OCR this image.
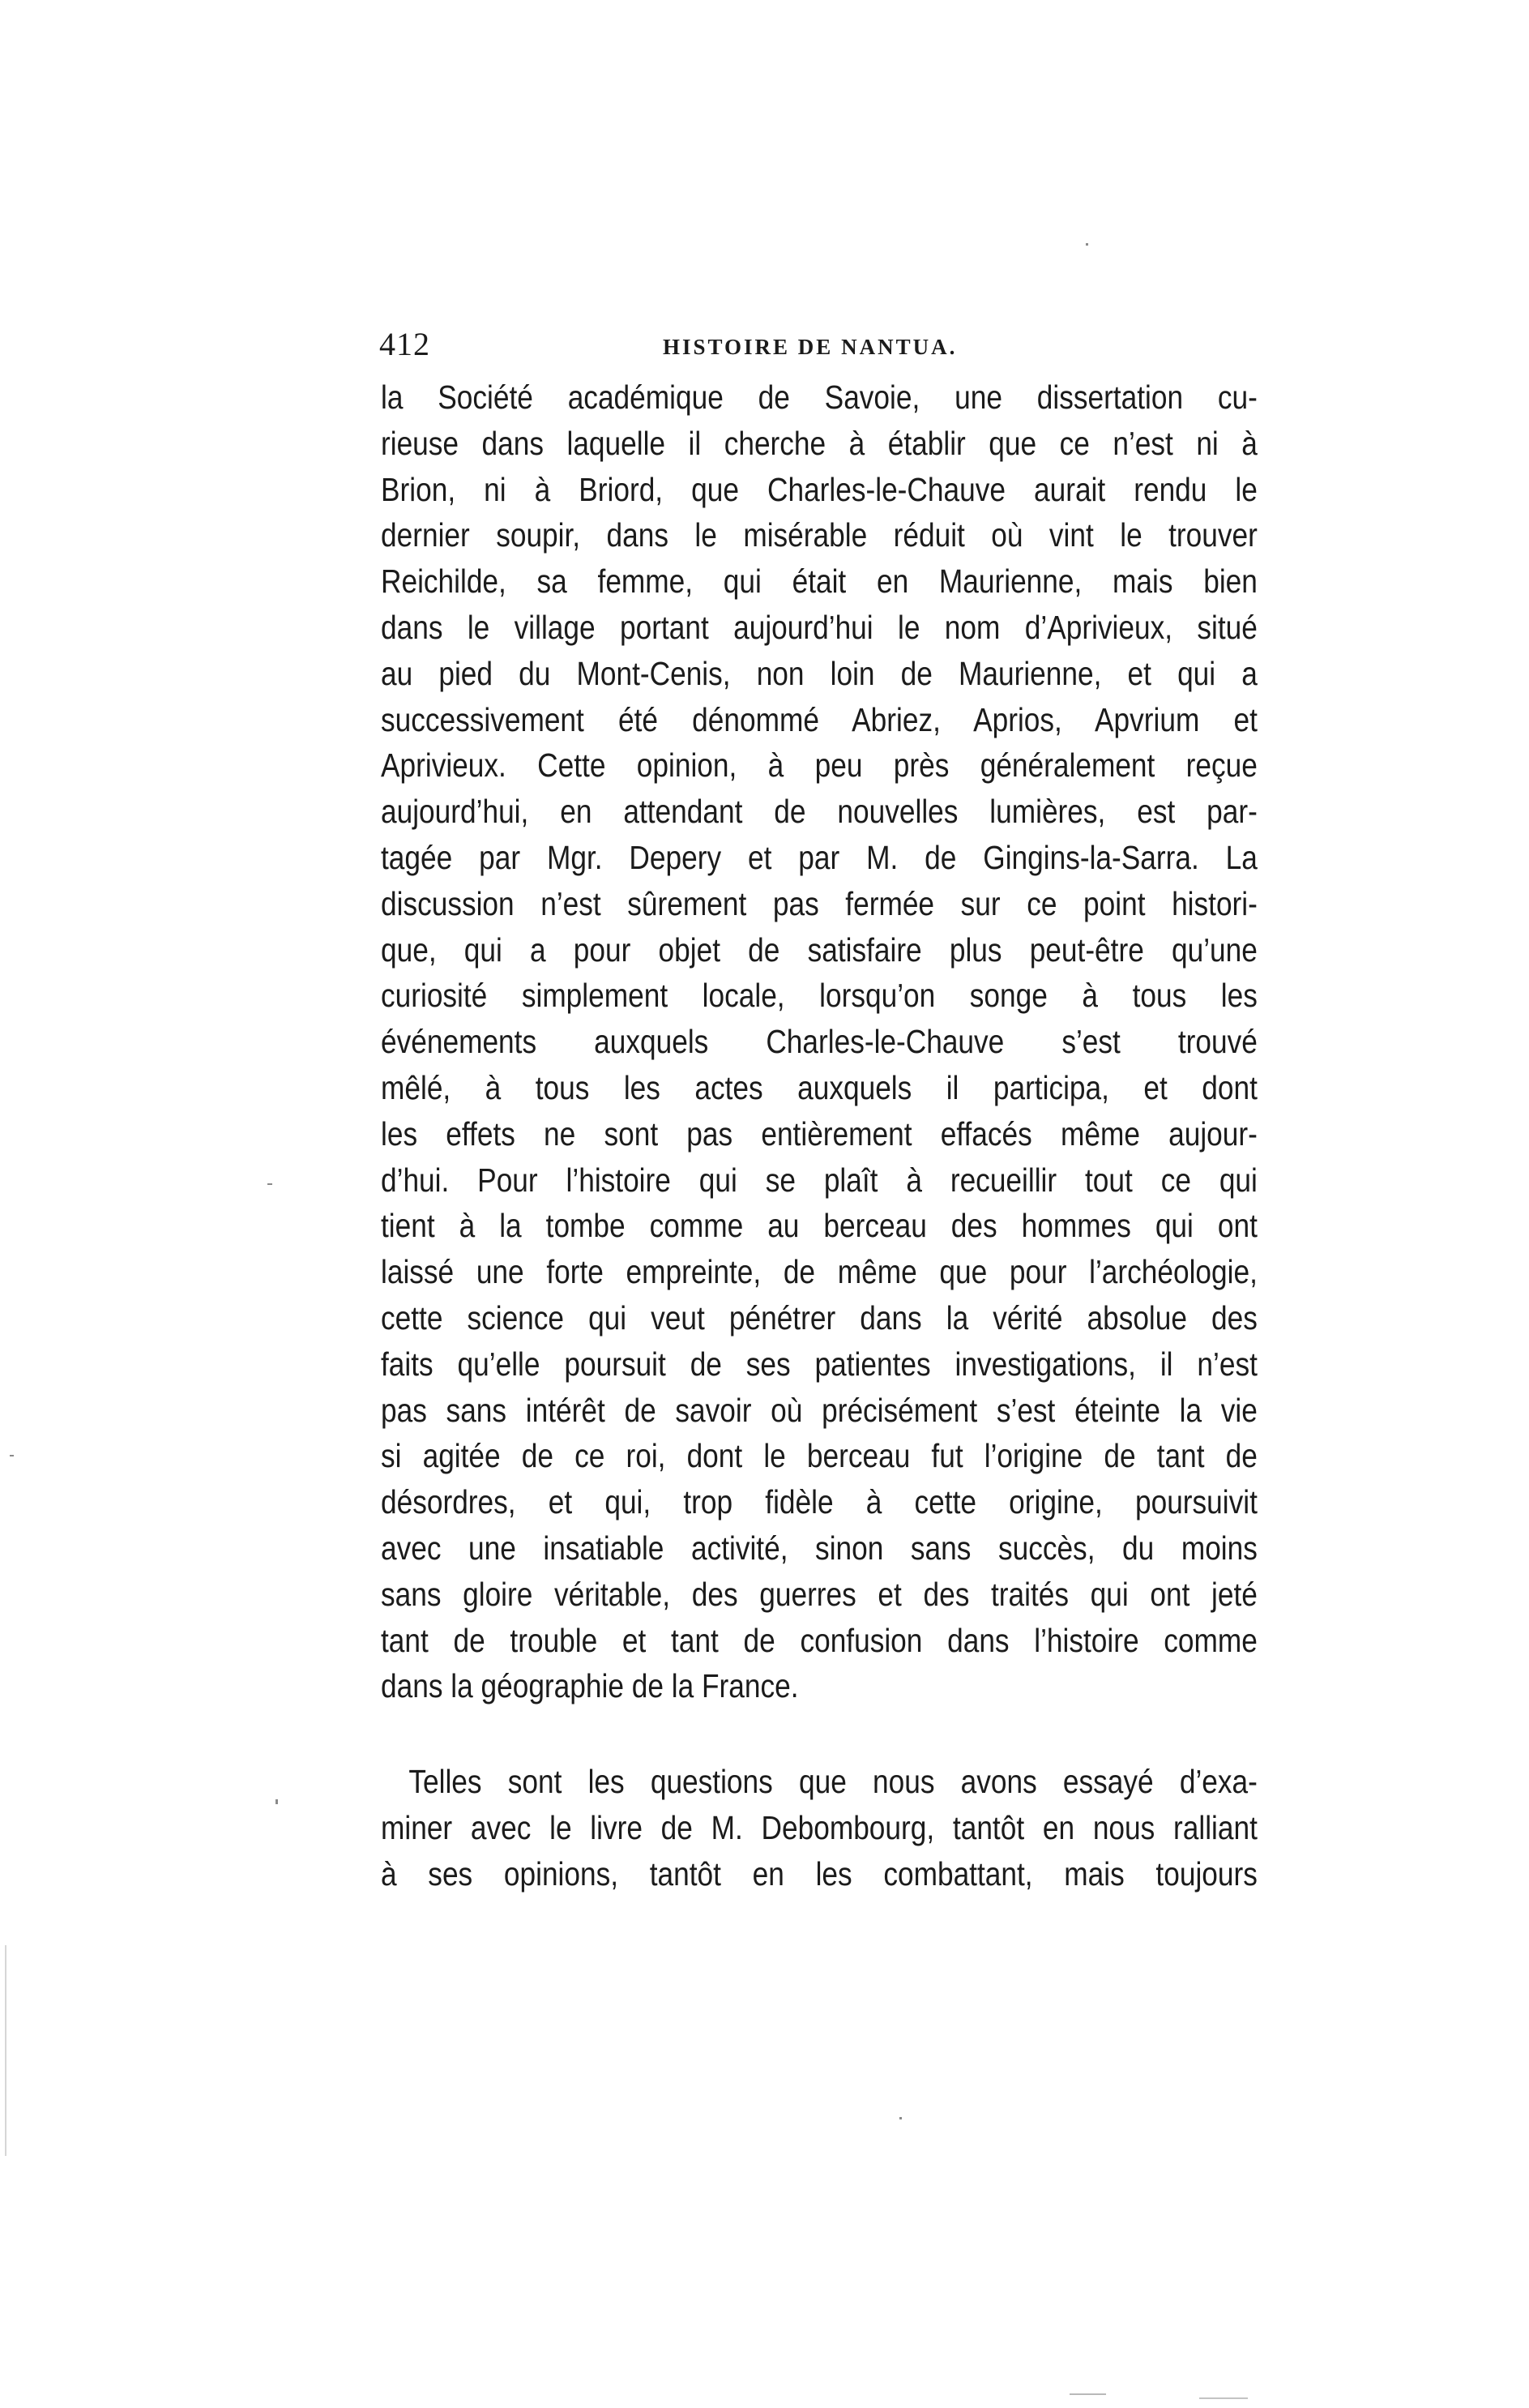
412	HISTOIRE DE NANTUA.
la Société académique de Savoie, une dissertation cu-
rieuse dans laquelle il cherche à établir que ce n’est ni à
Brion, ni à Briord, que Charles-le-Chauve aurait rendu le
dernier soupir, dans le misérable réduit où vint le trouver
Reichilde, sa femme, qui était en Maurienne, mais bien
dans le village portant aujourd’hui le nom d’Aprivieux, situé
au pied du Mont-Cenis, non loin de Maurienne, et qui a
successivement été dénommé Abriez, Aprios, Apvrium et
Aprivieux. Cette opinion, à peu près généralement reçue
aujourd’hui, en attendant de nouvelles lumières, est par-
tagée par Mgr. Depery et par M. de Gingins-la-Sarra. La
discussion n’est sûrement pas fermée sur ce point histori-
que, qui a pour objet de satisfaire plus peut-être qu’une
curiosité simplement locale, lorsqu’on songe à tous les
événements auxquels Charles-le-Chauve s’est trouvé
mêlé, à tous les actes auxquels il participa, et dont
les effets ne sont pas entièrement effacés même aujour-
d’hui. Pour l’histoire qui se plaît à recueillir tout ce qui
tient à la tombe comme au berceau des hommes qui ont
laissé une forte empreinte, de même que pour l’archéologie,
cette science qui veut pénétrer dans la vérité absolue des
faits qu’elle poursuit de ses patientes investigations, il n’est
pas sans intérêt de savoir où précisément s’est éteinte la vie
si agitée de ce roi, dont le berceau fut l’origine de tant de
désordres, et qui, trop fidèle à cette origine, poursuivit
avec une insatiable activité, sinon sans succès, du moins
sans gloire véritable, des guerres et des traités qui ont jeté
tant de trouble et tant de confusion dans l’histoire comme
dans la géographie de la France.
Telles sont les questions que nous avons essayé d’exa-
miner avec le livre de M. Debombourg, tantôt en nous ralliant
à ses opinions, tantôt en les combattant, mais toujours
